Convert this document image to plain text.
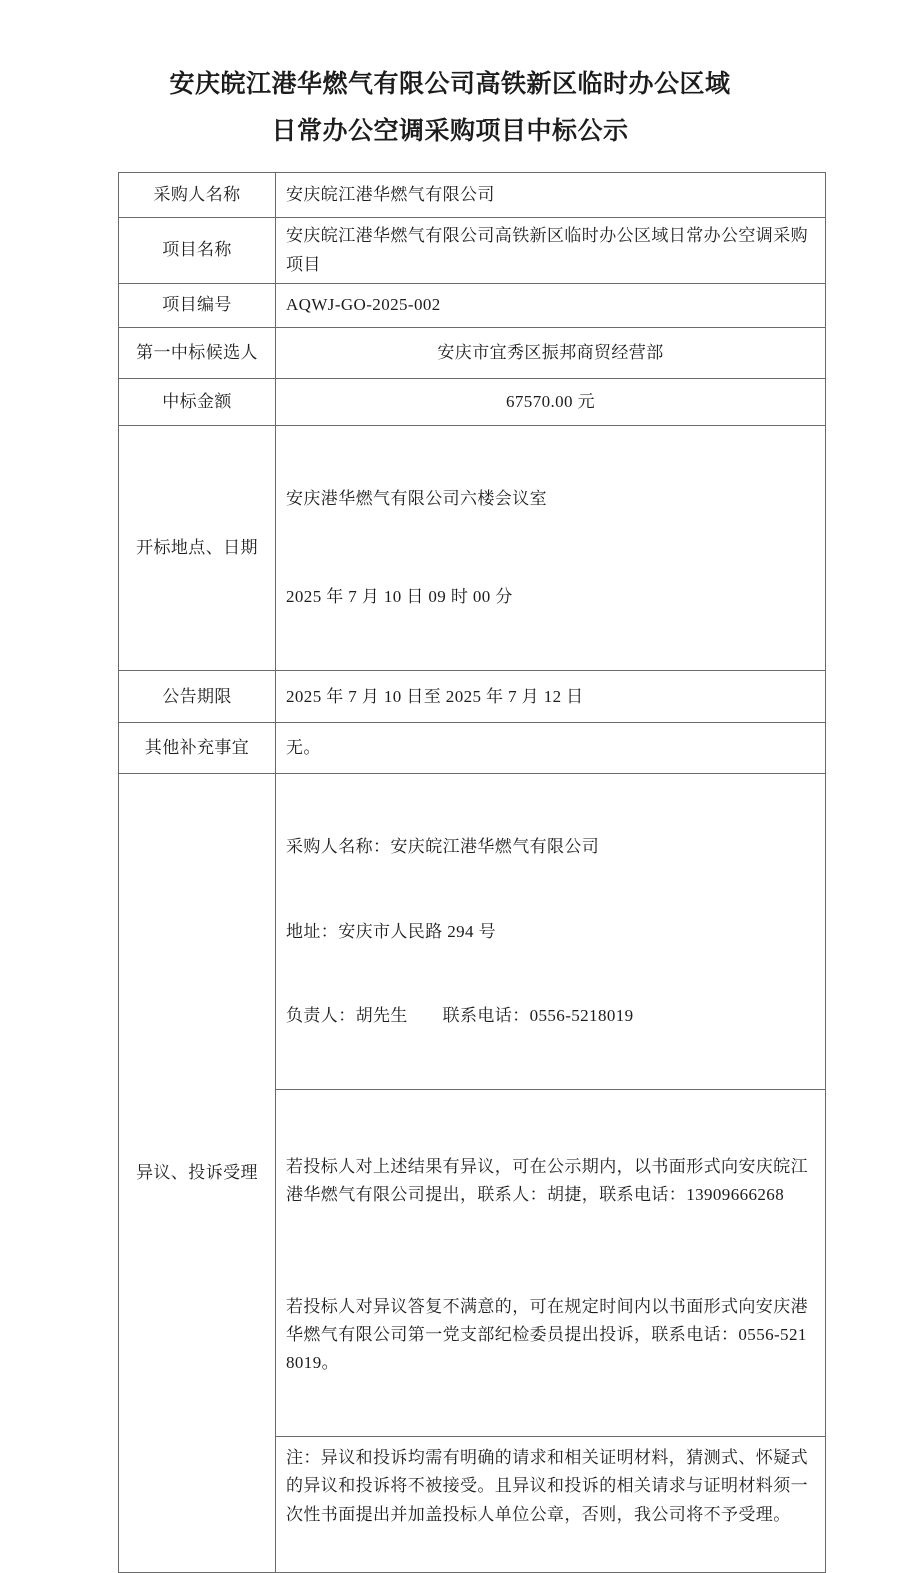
安庆皖江港华燃气有限公司高铁新区临时办公区域
日常办公空调采购项目中标公示
采购人名称	安庆皖江港华燃气有限公司
项目名称	安庆皖江港华燃气有限公司高铁新区临时办公区域日常办公空调采购项目
项目编号	AQWJ-GO-2025-002
第一中标候选人	安庆市宜秀区振邦商贸经营部
中标金额	67570.00 元
开标地点、日期	安庆港华燃气有限公司六楼会议室

2025 年 7 月 10 日 09 时 00 分

公告期限	2025 年 7 月 10 日至 2025 年 7 月 12 日
其他补充事宜	无。
异议、投诉受理	采购人名称：安庆皖江港华燃气有限公司

地址：安庆市人民路 294 号

负责人：胡先生　　联系电话：0556-5218019

	若投标人对上述结果有异议，可在公示期内，以书面形式向安庆皖江港华燃气有限公司提出，联系人：胡捷，联系电话：13909666268

若投标人对异议答复不满意的，可在规定时间内以书面形式向安庆港华燃气有限公司第一党支部纪检委员提出投诉，联系电话：0556-5218019。

	注：异议和投诉均需有明确的请求和相关证明材料，猜测式、怀疑式的异议和投诉将不被接受。且异议和投诉的相关请求与证明材料须一次性书面提出并加盖投标人单位公章，否则，我公司将不予受理。
